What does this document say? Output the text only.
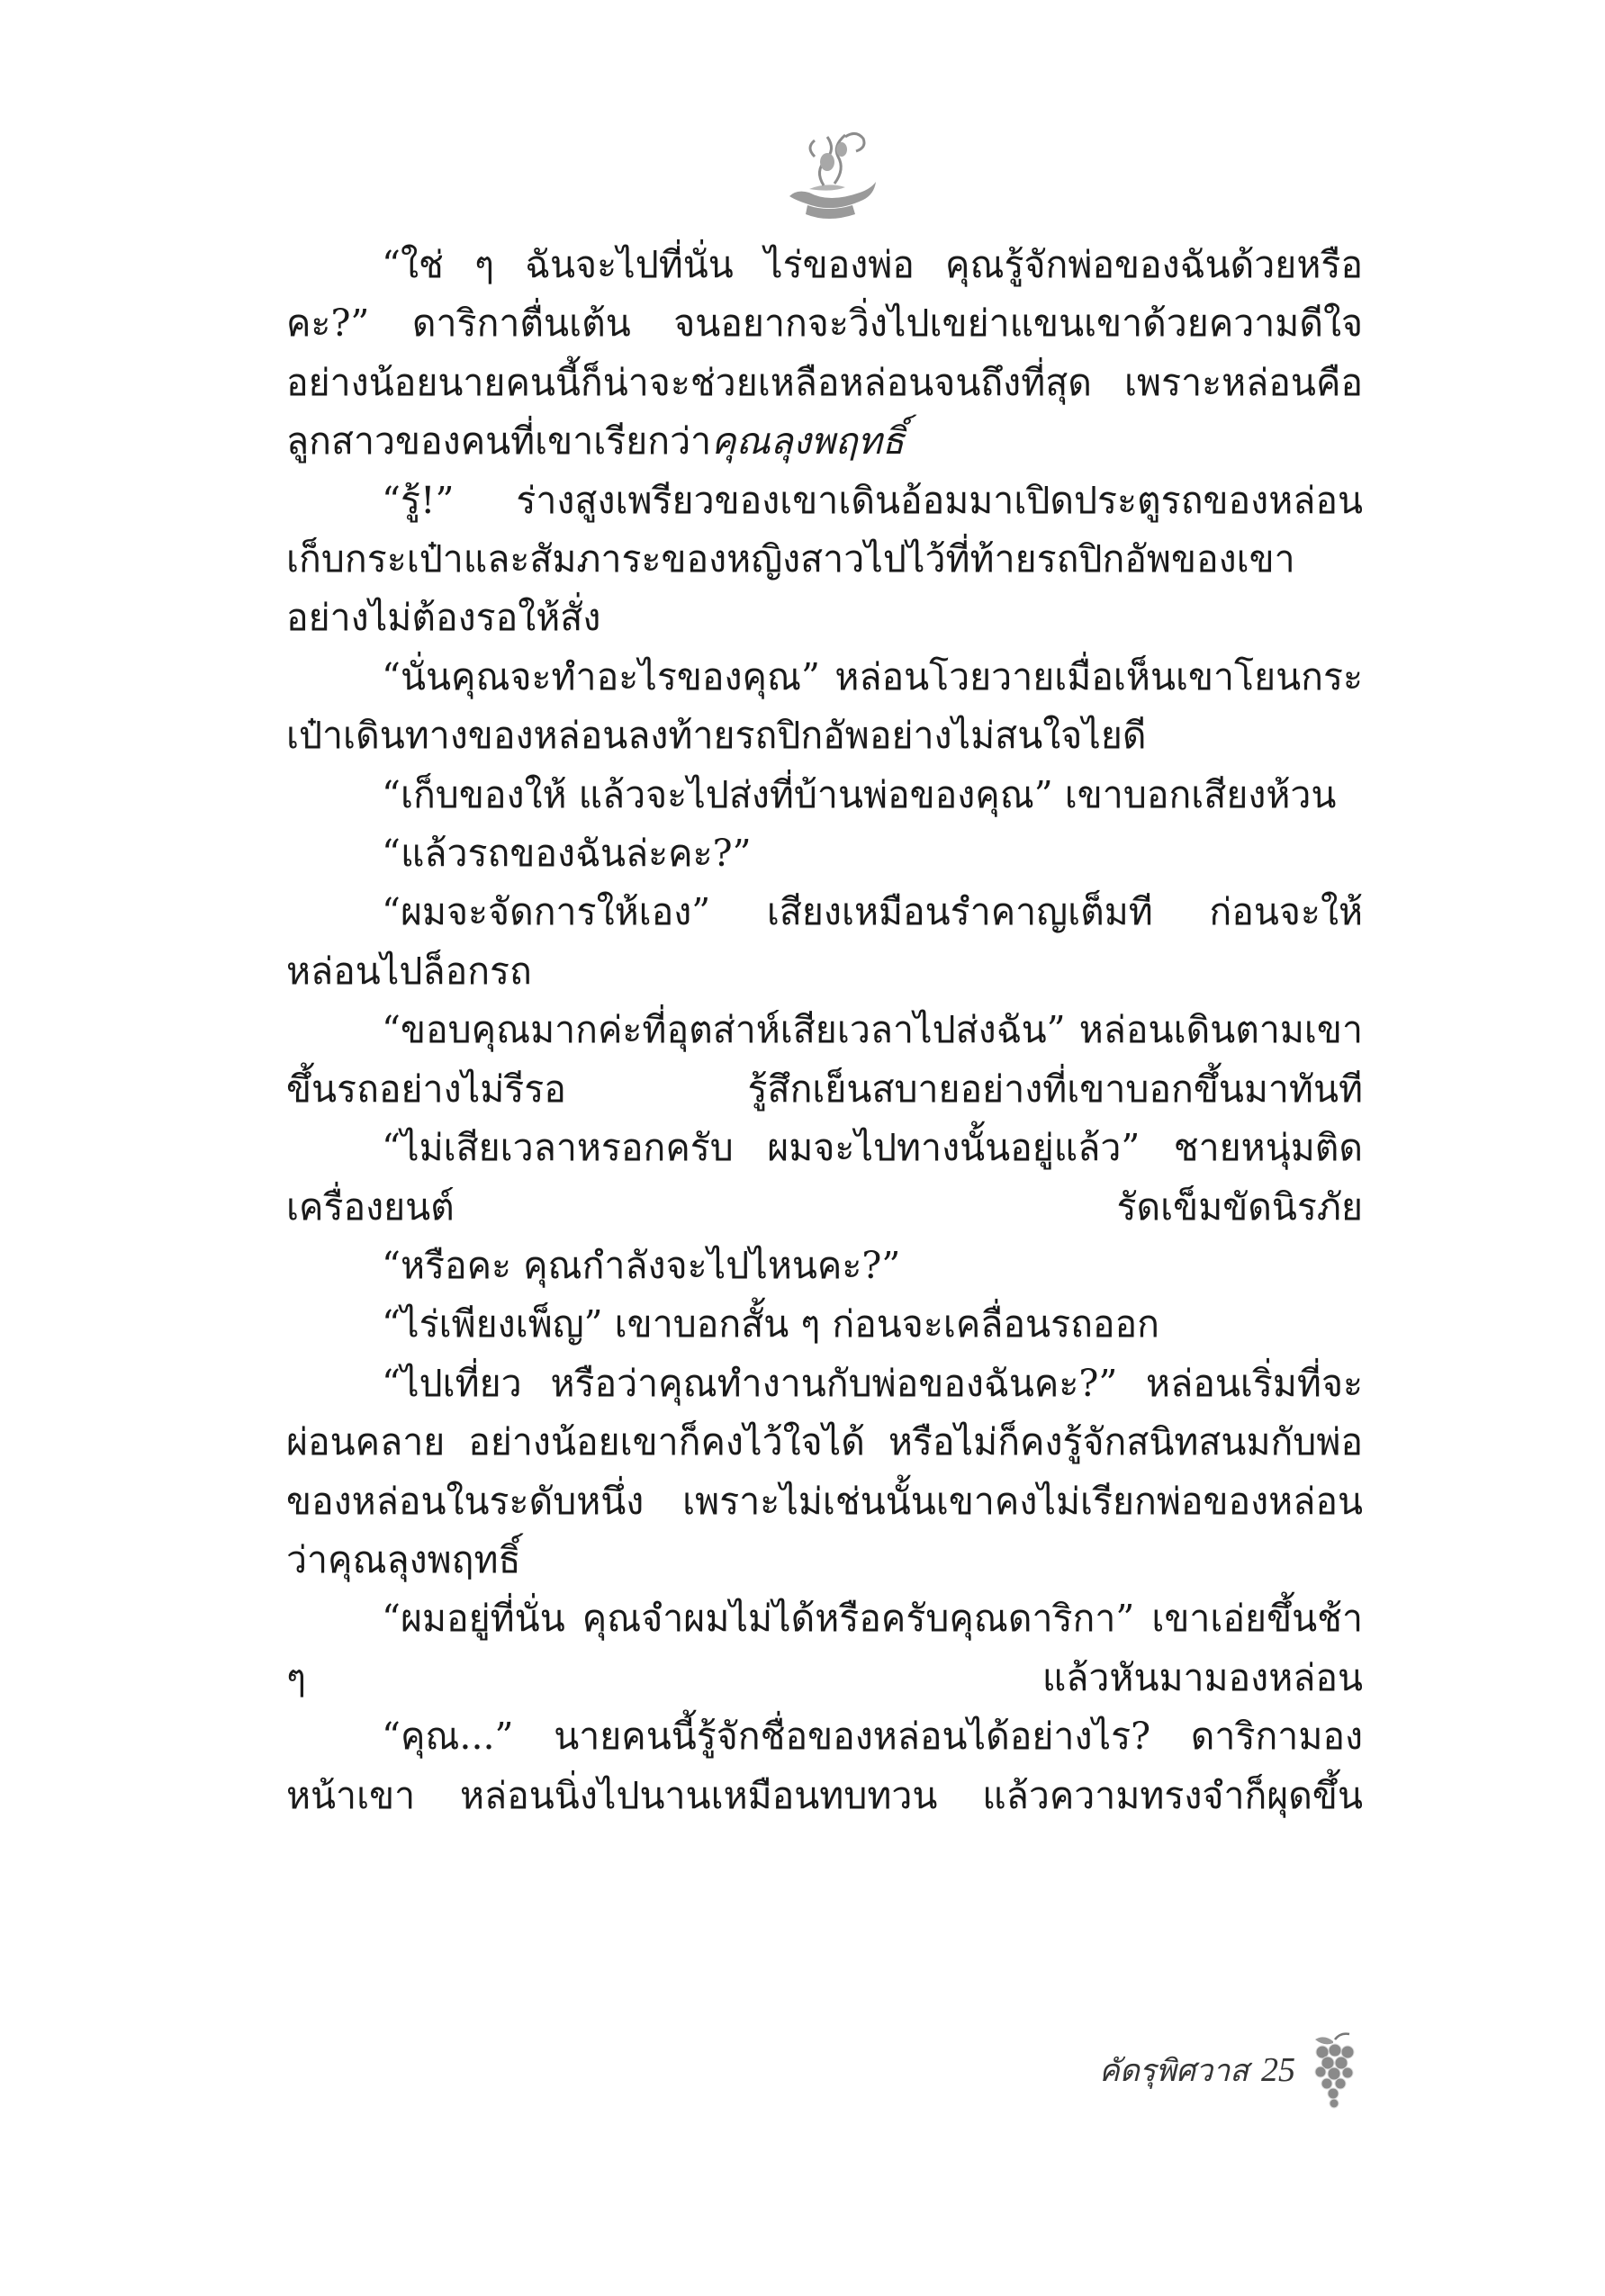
“ใช่ ๆ ฉันจะไปที่นั่น ไร่ของพ่อ คุณรู้จักพ่อของฉันด้วยหรือคะ?” ดาริกาตื่นเต้น จนอยากจะวิ่งไปเขย่าแขนเขาด้วยความดีใจ อย่างน้อยนายคนนี้ก็น่าจะช่วยเหลือหล่อนจนถึงที่สุด เพราะหล่อนคือลูกสาวของคนที่เขาเรียกว่าคุณลุงพฤทธิ์

“รู้!” ร่างสูงเพรียวของเขาเดินอ้อมมาเปิดประตูรถของหล่อน เก็บกระเป๋าและสัมภาระของหญิงสาวไปไว้ที่ท้ายรถปิกอัพของเขาอย่างไม่ต้องรอให้สั่ง

“นั่นคุณจะทำอะไรของคุณ” หล่อนโวยวายเมื่อเห็นเขาโยนกระเป๋าเดินทางของหล่อนลงท้ายรถปิกอัพอย่างไม่สนใจไยดี

“เก็บของให้ แล้วจะไปส่งที่บ้านพ่อของคุณ” เขาบอกเสียงห้วน

“แล้วรถของฉันล่ะคะ?”

“ผมจะจัดการให้เอง” เสียงเหมือนรำคาญเต็มที ก่อนจะให้หล่อนไปล็อกรถ

“ขอบคุณมากค่ะที่อุตส่าห์เสียเวลาไปส่งฉัน” หล่อนเดินตามเขาขึ้นรถอย่างไม่รีรอ รู้สึกเย็นสบายอย่างที่เขาบอกขึ้นมาทันที

“ไม่เสียเวลาหรอกครับ ผมจะไปทางนั้นอยู่แล้ว” ชายหนุ่มติดเครื่องยนต์ รัดเข็มขัดนิรภัย

“หรือคะ คุณกำลังจะไปไหนคะ?”

“ไร่เพียงเพ็ญ” เขาบอกสั้น ๆ ก่อนจะเคลื่อนรถออก

“ไปเที่ยว หรือว่าคุณทำงานกับพ่อของฉันคะ?” หล่อนเริ่มที่จะผ่อนคลาย อย่างน้อยเขาก็คงไว้ใจได้ หรือไม่ก็คงรู้จักสนิทสนมกับพ่อของหล่อนในระดับหนึ่ง เพราะไม่เช่นนั้นเขาคงไม่เรียกพ่อของหล่อนว่าคุณลุงพฤทธิ์

“ผมอยู่ที่นั่น คุณจำผมไม่ได้หรือครับคุณดาริกา” เขาเอ่ยขึ้นช้า ๆ แล้วหันมามองหล่อน

“คุณ...” นายคนนี้รู้จักชื่อของหล่อนได้อย่างไร? ดาริกามองหน้าเขา หล่อนนิ่งไปนานเหมือนทบทวน แล้วความทรงจำก็ผุดขึ้น

คัดรุพิศวาส 25
